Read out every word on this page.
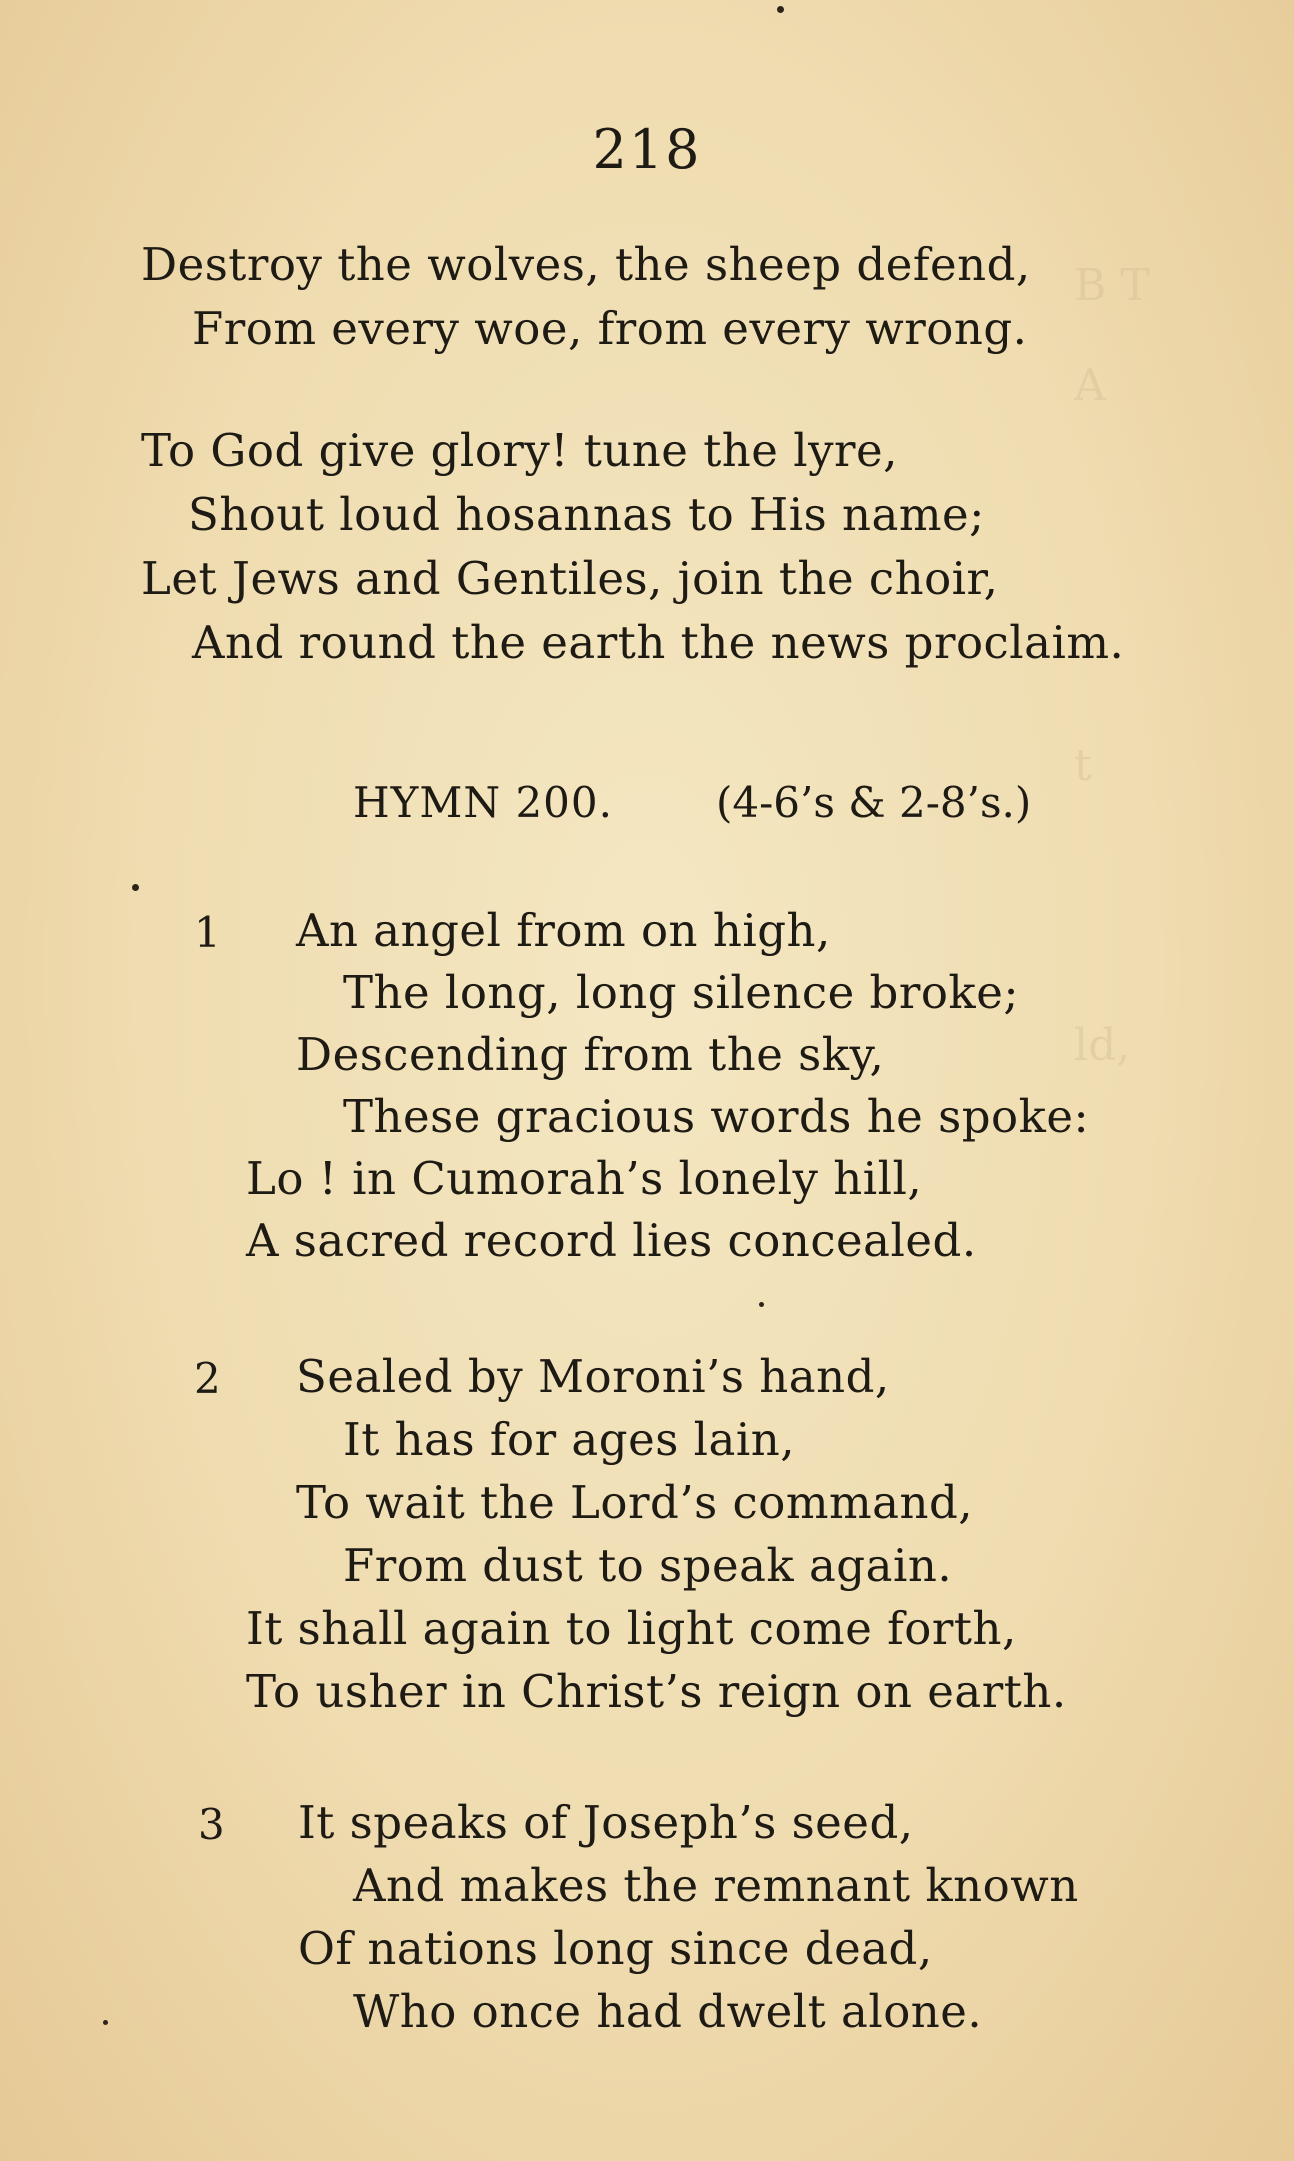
B T
A
t
ld,
218
Destroy the wolves, the sheep defend,
From every woe, from every wrong.
To God give glory! tune the lyre,
Shout loud hosannas to His name;
Let Jews and Gentiles, join the choir,
And round the earth the news proclaim.
HYMN 200. (4-6’s & 2-8’s.)
1 An angel from on high,
The long, long silence broke;
Descending from the sky,
These gracious words he spoke:
Lo ! in Cumorah’s lonely hill,
A sacred record lies concealed.
2 Sealed by Moroni’s hand,
It has for ages lain,
To wait the Lord’s command,
From dust to speak again.
It shall again to light come forth,
To usher in Christ’s reign on earth.
3 It speaks of Joseph’s seed,
And makes the remnant known
Of nations long since dead,
Who once had dwelt alone.
